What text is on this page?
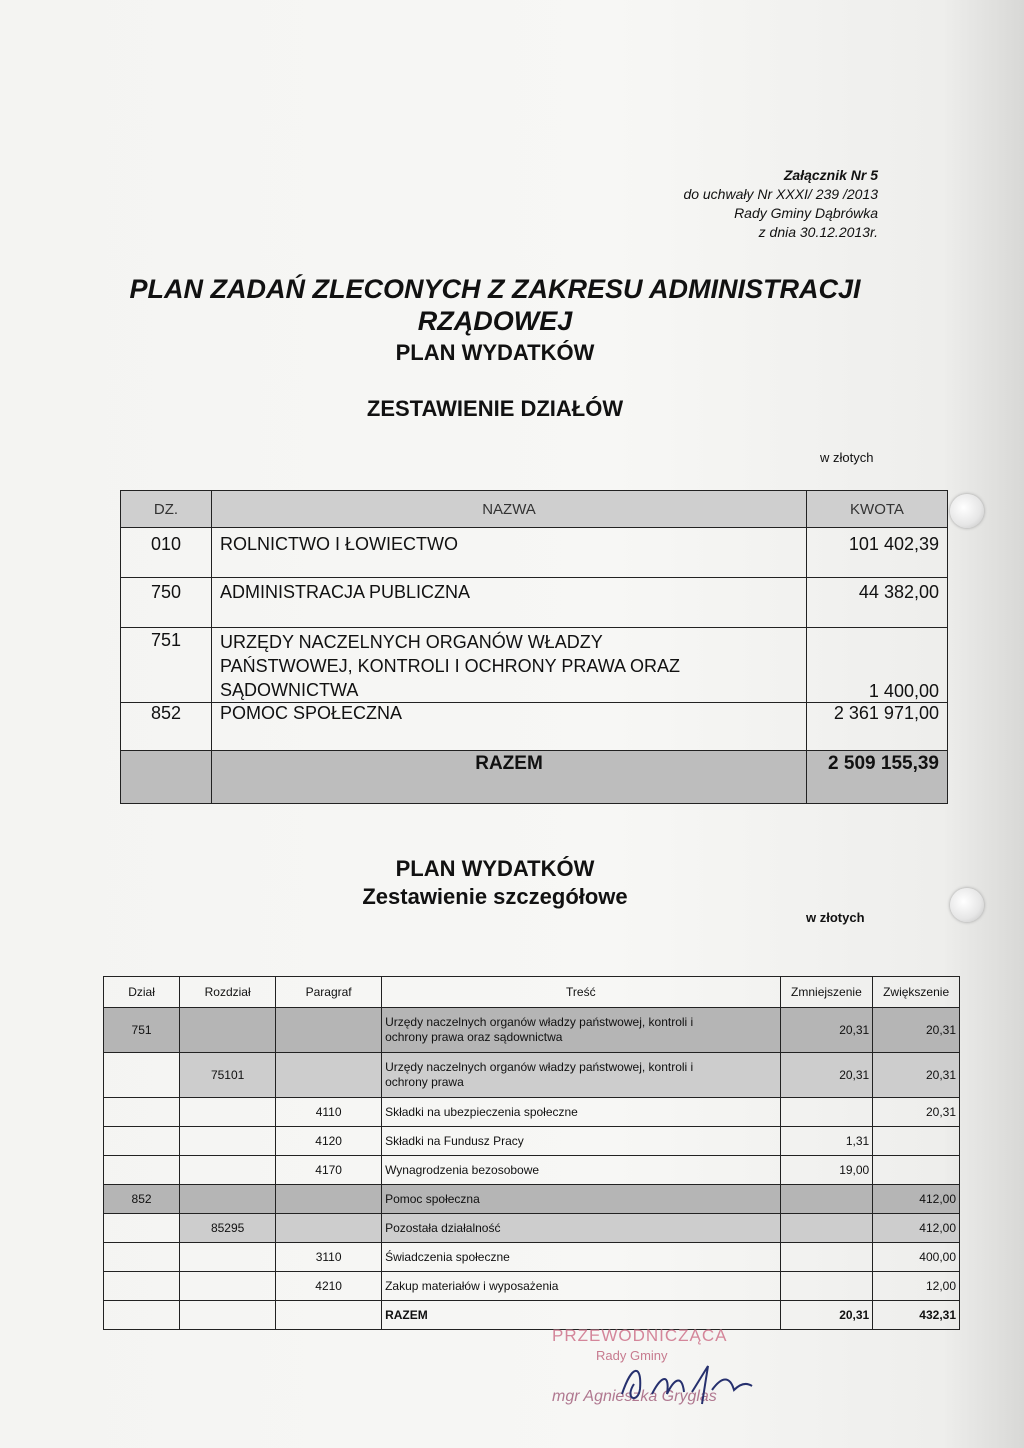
Załącznik Nr 5
do uchwały Nr XXXI/ 239 /2013
Rady Gminy Dąbrówka
z dnia 30.12.2013r.
PLAN ZADAŃ ZLECONYCH Z ZAKRESU ADMINISTRACJI
RZĄDOWEJ
PLAN WYDATKÓW
ZESTAWIENIE DZIAŁÓW
w złotych
DZ.	NAZWA	KWOTA
010	ROLNICTWO I ŁOWIECTWO	101 402,39
750	ADMINISTRACJA PUBLICZNA	44 382,00
751	URZĘDY NACZELNYCH ORGANÓW WŁADZY
PAŃSTWOWEJ, KONTROLI I OCHRONY PRAWA ORAZ
SĄDOWNICTWA	1 400,00
852	POMOC SPOŁECZNA	2 361 971,00
	RAZEM	2 509 155,39
PLAN WYDATKÓW
Zestawienie szczegółowe
w złotych
Dział	Rozdział	Paragraf	Treść	Zmniejszenie	Zwiększenie
751			Urzędy naczelnych organów władzy państwowej, kontroli i
ochrony prawa oraz sądownictwa	20,31	20,31
	75101		Urzędy naczelnych organów władzy państwowej, kontroli i
ochrony prawa	20,31	20,31
		4110	Składki na ubezpieczenia społeczne		20,31
		4120	Składki na Fundusz Pracy	1,31	
		4170	Wynagrodzenia bezosobowe	19,00	
852			Pomoc społeczna		412,00
	85295		Pozostała działalność		412,00
		3110	Świadczenia społeczne		400,00
		4210	Zakup materiałów i wyposażenia		12,00
			RAZEM	20,31	432,31
PRZEWODNICZĄCA
Rady Gminy
mgr Agnieszka Gryglas
